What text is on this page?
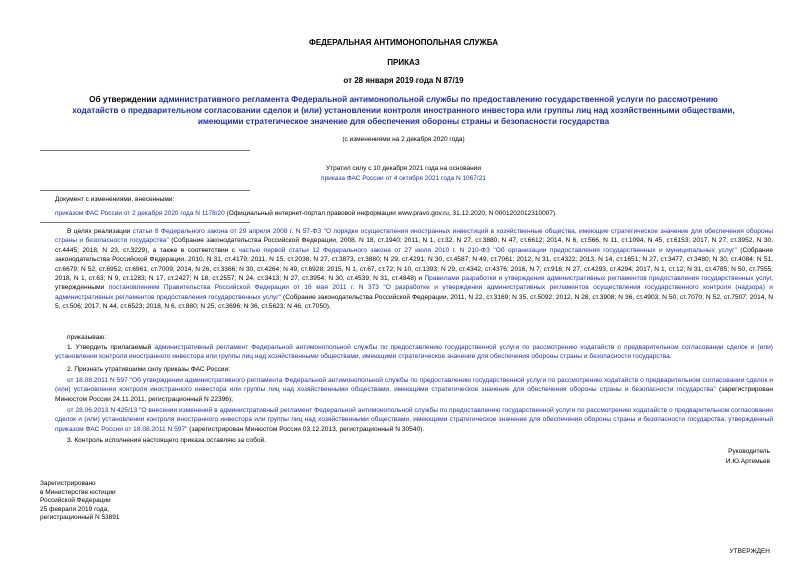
ФЕДЕРАЛЬНАЯ АНТИМОНОПОЛЬНАЯ СЛУЖБА
ПРИКАЗ
от 28 января 2019 года N 87/19
Об утверждении административного регламента Федеральной антимонопольной службы по предоставлению государственной услуги по рассмотрению
ходатайств о предварительном согласовании сделок и (или) установлении контроля иностранного инвестора или группы лиц над хозяйственными обществами,
имеющими стратегическое значение для обеспечения обороны страны и безопасности государства
(с изменениями на 2 декабря 2020 года)
Утратил силу с 10 декабря 2021 года на основании
приказа ФАС России от 4 октября 2021 года N 1067/21
Документ с изменениями, внесенными:
приказом ФАС России от 2 декабря 2020 года N 1178/20 (Официальный интернет-портал правовой информации www.pravo.gov.ru, 31.12.2020, N 0001202012310007).
В целях реализации статьи 8 Федерального закона от 29 апреля 2008 г. N 57-ФЗ "О порядке осуществления иностранных инвестиций в хозяйственные общества, имеющие стратегическое значение для обеспечения обороны страны и безопасности государства" (Собрание законодательства Российской Федерации, 2008, N 18, ст.1940; 2011, N 1, ст.32, N 27, ст.3880, N 47, ст.6612; 2014, N 6, ст.566, N 11, ст.1094, N 45, ст.6153; 2017, N 27, ст.3952, N 30, ст.4445; 2018, N 23, ст.3229), а также в соответствии с частью первой статьи 12 Федерального закона от 27 июля 2010 г. N 210-ФЗ "Об организации предоставления государственных и муниципальных услуг" (Собрание законодательства Российской Федерации, 2010, N 31, ст.4179; 2011, N 15, ст.2038; N 27, ст.3873, ст.3880; N 29, ст.4291; N 30, ст.4587; N 49, ст.7061; 2012, N 31, ст.4322; 2013, N 14, ст.1651; N 27, ст.3477, ст.3480; N 30, ст.4084; N 51, ст.6679; N 52, ст.6952, ст.6961, ст.7009; 2014, N 26, ст.3366; N 30, ст.4264; N 49, ст.6928; 2015, N 1, ст.67, ст.72; N 10, ст.1393; N 29, ст.4342, ст.4376; 2016, N 7, ст.916; N 27, ст.4293, ст.4294; 2017, N 1, ст.12; N 31, ст.4785; N 50, ст.7555; 2018, N 1, ст.63; N 9, ст.1283; N 17, ст.2427; N 18, ст.2557; N 24, ст.3413; N 27, ст.3954; N 30, ст.4539; N 31, ст.4848) и Правилами разработки и утверждения административных регламентов предоставления государственных услуг, утвержденными постановлением Правительства Российской Федерации от 16 мая 2011 г. N 373 "О разработке и утверждении административных регламентов осуществления государственного контроля (надзора) и административных регламентов предоставления государственных услуг" (Собрание законодательства Российской Федерации, 2011, N 22, ст.3169; N 35, ст.5092; 2012, N 28, ст.3908; N 36, ст.4903; N 50, ст.7070; N 52, ст.7507; 2014, N 5, ст.506; 2017, N 44, ст.6523; 2018, N 6, ст.880; N 25, ст.3696; N 36, ст.5623; N 46, ст.7050),
приказываю:
1. Утвердить прилагаемый административный регламент Федеральной антимонопольной службы по предоставлению государственной услуги по рассмотрению ходатайств о предварительном согласовании сделок и (или) установлении контроля иностранного инвестора или группы лиц над хозяйственными обществами, имеющими стратегическое значение для обеспечения обороны страны и безопасности государства.
2. Признать утратившими силу приказы ФАС России:
от 18.08.2011 N 597 "Об утверждении административного регламента Федеральной антимонопольной службы по предоставлению государственной услуги по рассмотрению ходатайств о предварительном согласовании сделок и (или) установлении контроля иностранного инвестора или группы лиц над хозяйственными обществами, имеющими стратегическое значение для обеспечения обороны страны и безопасности государства" (зарегистрирован Минюстом России 24.11.2011, регистрационный N 22396);
от 28.06.2013 N 425/13 "О внесении изменений в административный регламент Федеральной антимонопольной службы по предоставлению государственной услуги по рассмотрению ходатайств о предварительном согласовании сделок и (или) установлении контроля иностранного инвестора или группы лиц над хозяйственными обществами, имеющими стратегическое значение для обеспечения обороны страны и безопасности государства, утвержденный приказом ФАС России от 18.08.2011 N 597" (зарегистрирован Минюстом России 03.12.2013, регистрационный N 30540).
3. Контроль исполнения настоящего приказа оставляю за собой.
Руководитель
И.Ю.Артемьев
Зарегистрировано
в Министерстве юстиции
Российской Федерации
25 февраля 2019 года,
регистрационный N 53891
УТВЕРЖДЕН
